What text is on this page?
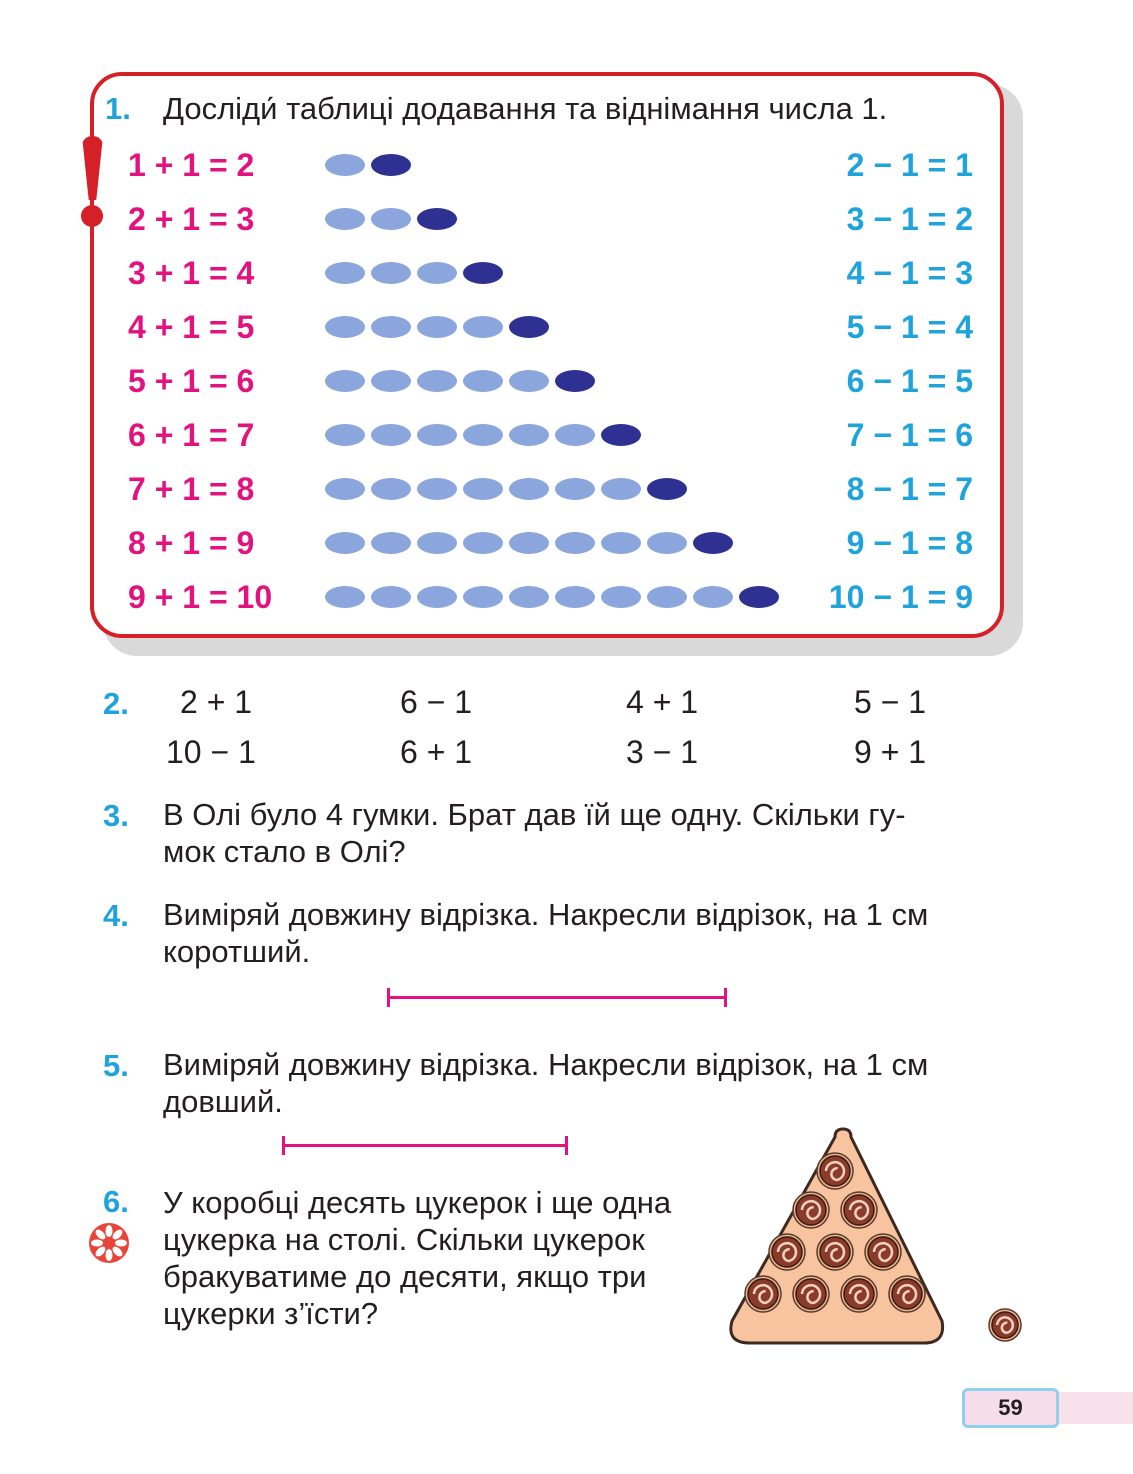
1. Досліди́ таблиці додавання та віднімання числа 1.
1 + 1 = 2	2 − 1 = 1
2 + 1 = 3	3 − 1 = 2
3 + 1 = 4	4 − 1 = 3
4 + 1 = 5	5 − 1 = 4
5 + 1 = 6	6 − 1 = 5
6 + 1 = 7	7 − 1 = 6
7 + 1 = 8	8 − 1 = 7
8 + 1 = 9	9 − 1 = 8
9 + 1 = 10	10 − 1 = 9
2. 2 + 1	6 − 1	4 + 1	5 − 1
10 − 1	6 + 1	3 − 1	9 + 1
3. В Олі було 4 гумки. Брат дав їй ще одну. Скільки гу-
мок стало в Олі?
4. Виміряй довжину відрізка. Накресли відрізок, на 1 см
коротший.
5. Виміряй довжину відрізка. Накресли відрізок, на 1 см
довший.
6. У коробці десять цукерок і ще одна
цукерка на столі. Скільки цукерок
бракуватиме до десяти, якщо три
цукерки з’їсти?
59
